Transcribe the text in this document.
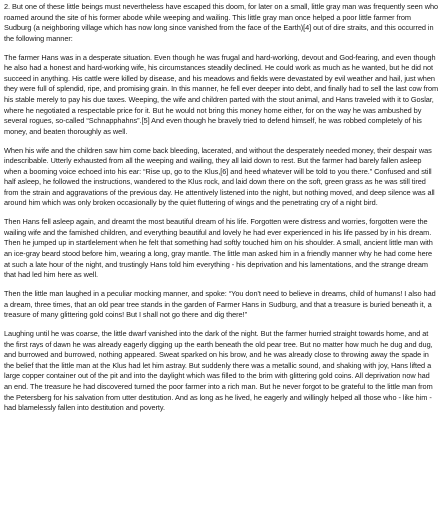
2. But one of these little beings must nevertheless have escaped this doom, for later on a small, little gray man was frequently seen who roamed around the site of his former abode while weeping and wailing. This little gray man once helped a poor little farmer from Sudburg (a neighboring village which has now long since vanished from the face of the Earth)[4] out of dire straits, and this occurred in the following manner:

The farmer Hans was in a desperate situation. Even though he was frugal and hard-working, devout and God-fearing, and even though he also had a honest and hard-working wife, his circumstances steadily declined. He could work as much as he wanted, but he did not succeed in anything. His cattle were killed by disease, and his meadows and fields were devastated by evil weather and hail, just when they were full of splendid, ripe, and promising grain. In this manner, he fell ever deeper into debt, and finally had to sell the last cow from his stable merely to pay his due taxes. Weeping, the wife and children parted with the stout animal, and Hans traveled with it to Goslar, where he negotiated a respectable price for it. But he would not bring this money home either, for on the way he was ambushed by several rogues, so-called “Schnapphahns”.[5] And even though he bravely tried to defend himself, he was robbed completely of his money, and beaten thoroughly as well.

When his wife and the children saw him come back bleeding, lacerated, and without the desperately needed money, their despair was indescribable. Utterly exhausted from all the weeping and wailing, they all laid down to rest. But the farmer had barely fallen asleep when a booming voice echoed into his ear: “Rise up, go to the Klus,[6] and heed whatever will be told to you there.” Confused and still half asleep, he followed the instructions, wandered to the Klus rock, and laid down there on the soft, green grass as he was still tired from the strain and aggravations of the previous day. He attentively listened into the night, but nothing moved, and deep silence was all around him which was only broken occasionally by the quiet fluttering of wings and the penetrating cry of a night bird.

Then Hans fell asleep again, and dreamt the most beautiful dream of his life. Forgotten were distress and worries, forgotten were the wailing wife and the famished children, and everything beautiful and lovely he had ever experienced in his life passed by in his dream. Then he jumped up in startlelement when he felt that something had softly touched him on his shoulder. A small, ancient little man with an ice-gray beard stood before him, wearing a long, gray mantle. The little man asked him in a friendly manner why he had come here at such a late hour of the night, and trustingly Hans told him everything - his deprivation and his lamentations, and the strange dream that had led him here as well.

Then the little man laughed in a peculiar mocking manner, and spoke: “You don't need to believe in dreams, child of humans! I also had a dream, three times, that an old pear tree stands in the garden of Farmer Hans in Sudburg, and that a treasure is buried beneath it, a treasure of many glittering gold coins! But I shall not go there and dig there!”

Laughing until he was coarse, the little dwarf vanished into the dark of the night. But the farmer hurried straight towards home, and at the first rays of dawn he was already eagerly digging up the earth beneath the old pear tree. But no matter how much he dug and dug, and burrowed and burrowed, nothing appeared. Sweat sparked on his brow, and he was already close to throwing away the spade in the belief that the little man at the Klus had let him astray. But suddenly there was a metallic sound, and shaking with joy, Hans lifted a large copper container out of the pit and into the daylight which was filled to the brim with glittering gold coins. All deprivation now had an end. The treasure he had discovered turned the poor farmer into a rich man. But he never forgot to be grateful to the little man from the Petersberg for his salvation from utter destitution. And as long as he lived, he eagerly and willingly helped all those who - like him - had blamelessly fallen into destitution and poverty.
